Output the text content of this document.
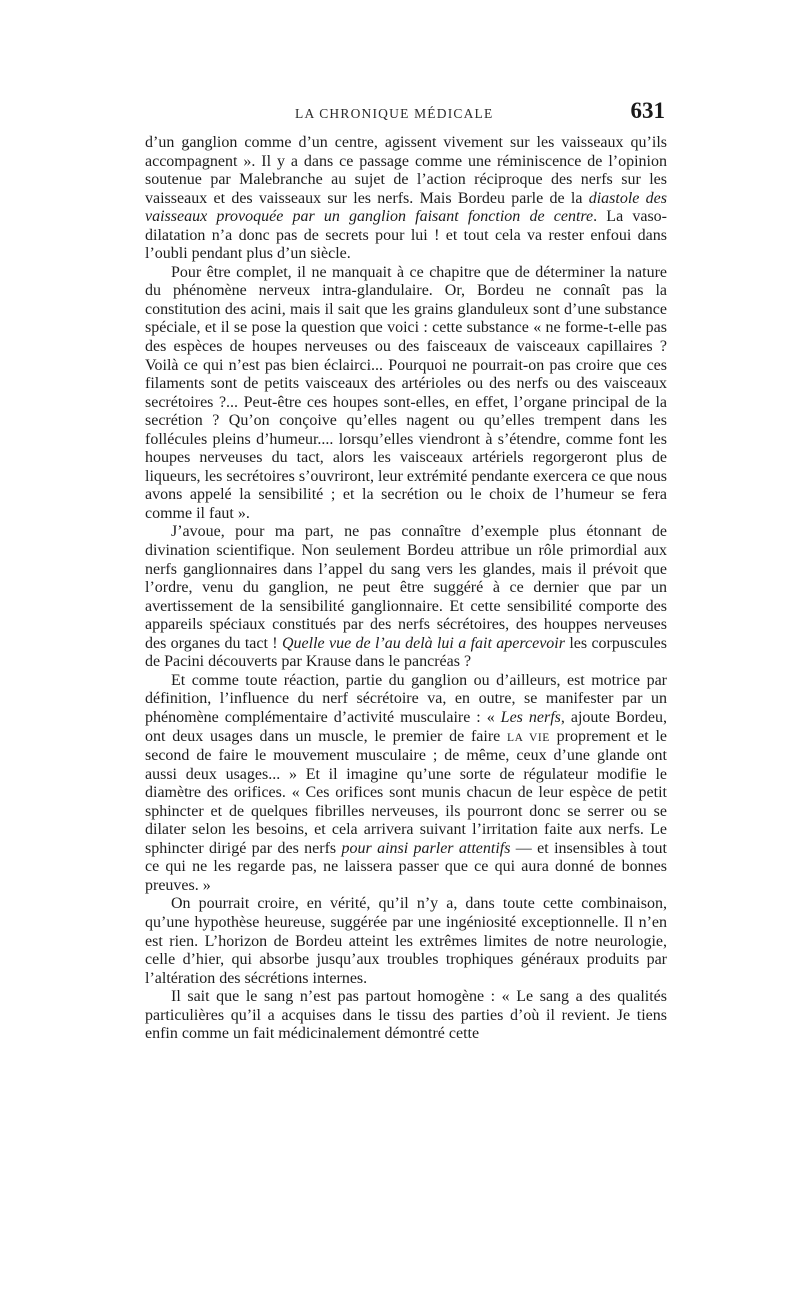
LA CHRONIQUE MÉDICALE	631

d’un ganglion comme d’un centre, agissent vivement sur les vaisseaux qu’ils accompagnent ». Il y a dans ce passage comme une réminiscence de l’opinion soutenue par Malebranche au sujet de l’action réciproque des nerfs sur les vaisseaux et des vaisseaux sur les nerfs. Mais Bordeu parle de la diastole des vaisseaux provoquée par un ganglion faisant fonction de centre. La vaso-dilatation n’a donc pas de secrets pour lui ! et tout cela va rester enfoui dans l’oubli pendant plus d’un siècle.

Pour être complet, il ne manquait à ce chapitre que de déterminer la nature du phénomène nerveux intra-glandulaire. Or, Bordeu ne connaît pas la constitution des acini, mais il sait que les grains glanduleux sont d’une substance spéciale, et il se pose la question que voici : cette substance « ne forme-t-elle pas des espèces de houpes nerveuses ou des faisceaux de vaisceaux capillaires ? Voilà ce qui n’est pas bien éclairci... Pourquoi ne pourrait-on pas croire que ces filaments sont de petits vaisceaux des artérioles ou des nerfs ou des vaisceaux secrétoires ?... Peut-être ces houpes sont-elles, en effet, l’organe principal de la secrétion ? Qu’on conçoive qu’elles nagent ou qu’elles trempent dans les follécules pleins d’humeur.... lorsqu’elles viendront à s’étendre, comme font les houpes nerveuses du tact, alors les vaisceaux artériels regorgeront plus de liqueurs, les secrétoires s’ouvriront, leur extrémité pendante exercera ce que nous avons appelé la sensibilité ; et la secrétion ou le choix de l’humeur se fera comme il faut ».

J’avoue, pour ma part, ne pas connaître d’exemple plus étonnant de divination scientifique. Non seulement Bordeu attribue un rôle primordial aux nerfs ganglionnaires dans l’appel du sang vers les glandes, mais il prévoit que l’ordre, venu du ganglion, ne peut être suggéré à ce dernier que par un avertissement de la sensibilité ganglionnaire. Et cette sensibilité comporte des appareils spéciaux constitués par des nerfs sécrétoires, des houppes nerveuses des organes du tact ! Quelle vue de l’au delà lui a fait apercevoir les corpuscules de Pacini découverts par Krause dans le pancréas ?

Et comme toute réaction, partie du ganglion ou d’ailleurs, est motrice par définition, l’influence du nerf sécrétoire va, en outre, se manifester par un phénomène complémentaire d’activité musculaire : « Les nerfs, ajoute Bordeu, ont deux usages dans un muscle, le premier de faire LA VIE proprement et le second de faire le mouvement musculaire ; de même, ceux d’une glande ont aussi deux usages... » Et il imagine qu’une sorte de régulateur modifie le diamètre des orifices. « Ces orifices sont munis chacun de leur espèce de petit sphincter et de quelques fibrilles nerveuses, ils pourront donc se serrer ou se dilater selon les besoins, et cela arrivera suivant l’irritation faite aux nerfs. Le sphincter dirigé par des nerfs pour ainsi parler attentifs — et insensibles à tout ce qui ne les regarde pas, ne laissera passer que ce qui aura donné de bonnes preuves. »

On pourrait croire, en vérité, qu’il n’y a, dans toute cette combinaison, qu’une hypothèse heureuse, suggérée par une ingéniosité exceptionnelle. Il n’en est rien. L’horizon de Bordeu atteint les extrêmes limites de notre neurologie, celle d’hier, qui absorbe jusqu’aux troubles trophiques généraux produits par l’altération des sécrétions internes.

Il sait que le sang n’est pas partout homogène : « Le sang a des qualités particulières qu’il a acquises dans le tissu des parties d’où il revient. Je tiens enfin comme un fait médicinalement démontré cette
